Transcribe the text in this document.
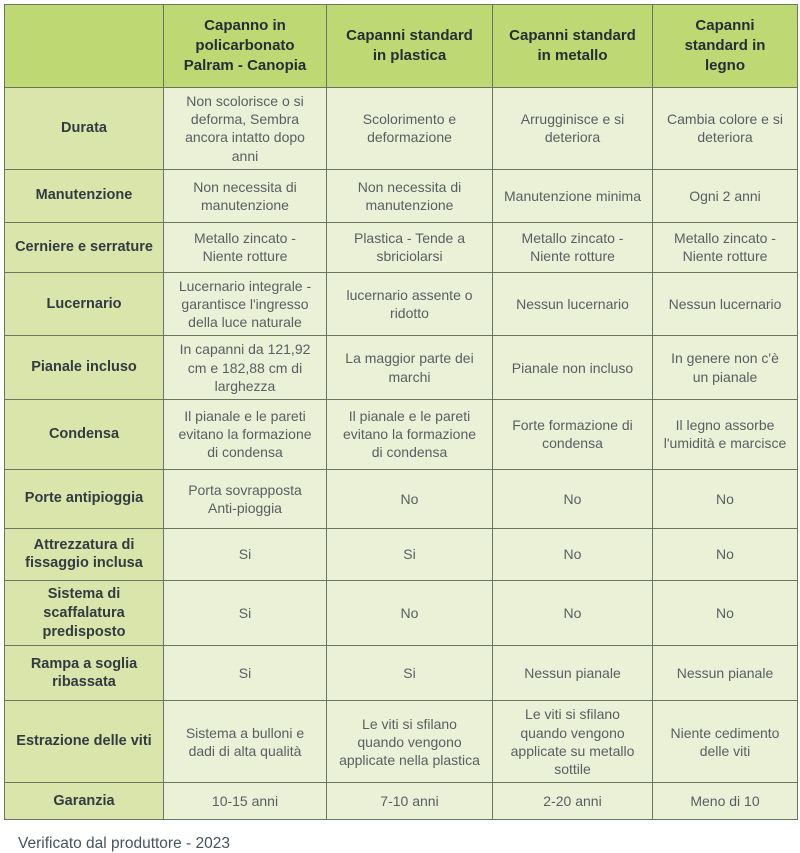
	Capanno in policarbonato Palram - Canopia	Capanni standard in plastica	Capanni standard in metallo	Capanni standard in legno
Durata	Non scolorisce o si deforma, Sembra ancora intatto dopo anni	Scolorimento e deformazione	Arrugginisce e si deteriora	Cambia colore e si deteriora
Manutenzione	Non necessita di manutenzione	Non necessita di manutenzione	Manutenzione minima	Ogni 2 anni
Cerniere e serrature	Metallo zincato - Niente rotture	Plastica - Tende a sbriciolarsi	Metallo zincato - Niente rotture	Metallo zincato - Niente rotture
Lucernario	Lucernario integrale - garantisce l'ingresso della luce naturale	lucernario assente o ridotto	Nessun lucernario	Nessun lucernario
Pianale incluso	In capanni da 121,92 cm e 182,88 cm di larghezza	La maggior parte dei marchi	Pianale non incluso	In genere non c'è un pianale
Condensa	Il pianale e le pareti evitano la formazione di condensa	Il pianale e le pareti evitano la formazione di condensa	Forte formazione di condensa	Il legno assorbe l'umidità e marcisce
Porte antipioggia	Porta sovrapposta Anti-pioggia	No	No	No
Attrezzatura di fissaggio inclusa	Si	Si	No	No
Sistema di scaffalatura predisposto	Si	No	No	No
Rampa a soglia ribassata	Si	Si	Nessun pianale	Nessun pianale
Estrazione delle viti	Sistema a bulloni e dadi di alta qualità	Le viti si sfilano quando vengono applicate nella plastica	Le viti si sfilano quando vengono applicate su metallo sottile	Niente cedimento delle viti
Garanzia	10-15 anni	7-10 anni	2-20 anni	Meno di 10

Verificato dal produttore - 2023
